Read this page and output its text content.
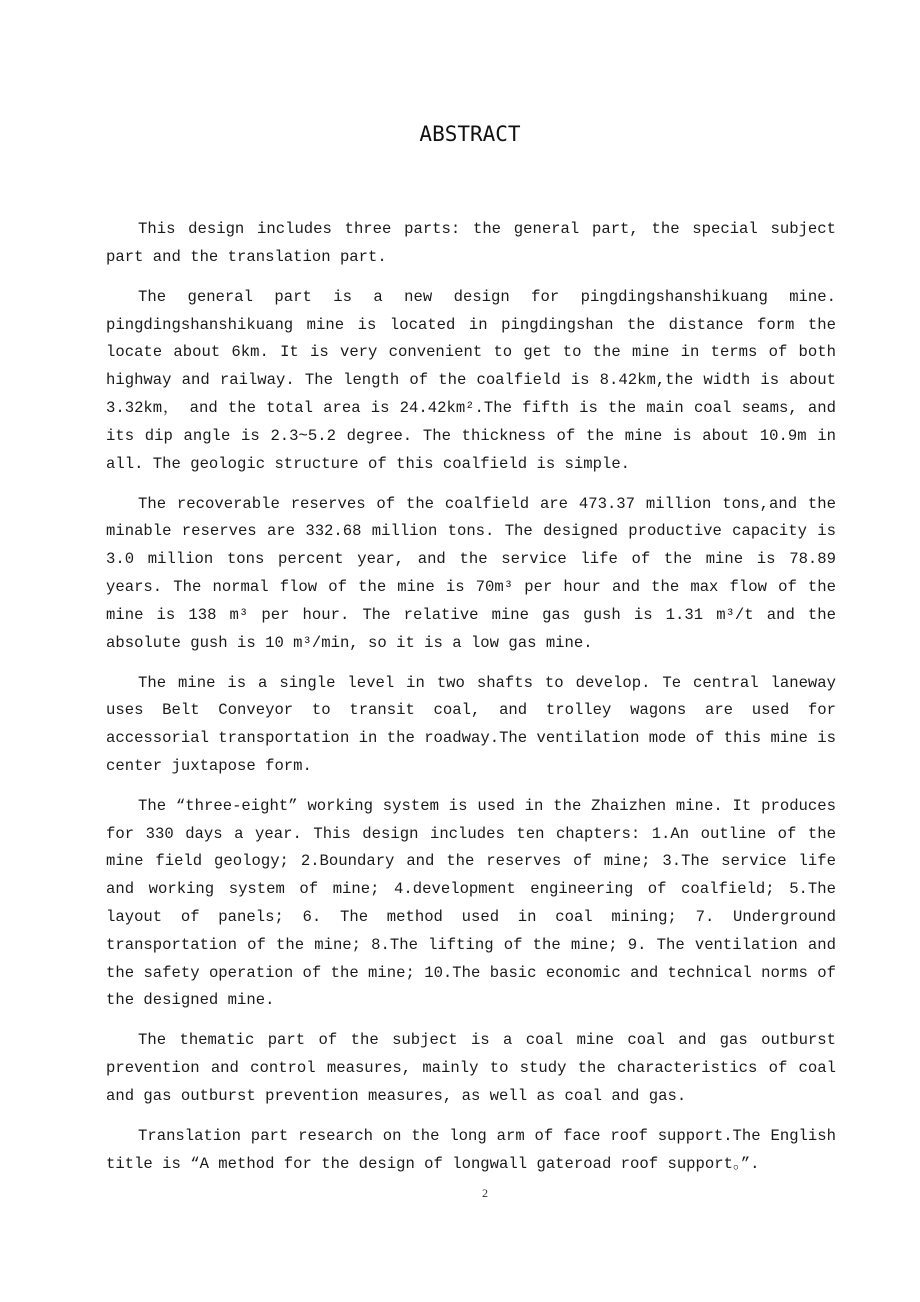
ABSTRACT

This design includes three parts: the general part, the special subject part and the translation part.

The general part is a new design for pingdingshanshikuang mine. pingdingshanshikuang mine is located in pingdingshan the distance form the locate about 6km. It is very convenient to get to the mine in terms of both highway and railway. The length of the coalfield is 8.42km,the width is about 3.32km， and the total area is 24.42km².The fifth is the main coal seams, and its dip angle is 2.3~5.2 degree. The thickness of the mine is about 10.9m in all. The geologic structure of this coalfield is simple.

The recoverable reserves of the coalfield are 473.37 million tons,and the minable reserves are 332.68 million tons. The designed productive capacity is 3.0 million tons percent year, and the service life of the mine is 78.89 years. The normal flow of the mine is 70m³ per hour and the max flow of the mine is 138 m³ per hour. The relative mine gas gush is 1.31 m³/t and the absolute gush is 10 m³/min, so it is a low gas mine.

The mine is a single level in two shafts to develop. Te central laneway uses Belt Conveyor to transit coal, and trolley wagons are used for accessorial transportation in the roadway.The ventilation mode of this mine is center juxtapose form.

The “three-eight” working system is used in the Zhaizhen mine. It produces for 330 days a year. This design includes ten chapters: 1.An outline of the mine field geology; 2.Boundary and the reserves of mine; 3.The service life and working system of mine; 4.development engineering of coalfield; 5.The layout of panels; 6. The method used in coal mining; 7. Underground transportation of the mine; 8.The lifting of the mine; 9. The ventilation and the safety operation of the mine; 10.The basic economic and technical norms of the designed mine.

The thematic part of the subject is a coal mine coal and gas outburst prevention and control measures, mainly to study the characteristics of coal and gas outburst prevention measures, as well as coal and gas.

Translation part research on the long arm of face roof support.The English title is “A method for the design of longwall gateroad roof support。”.

2
